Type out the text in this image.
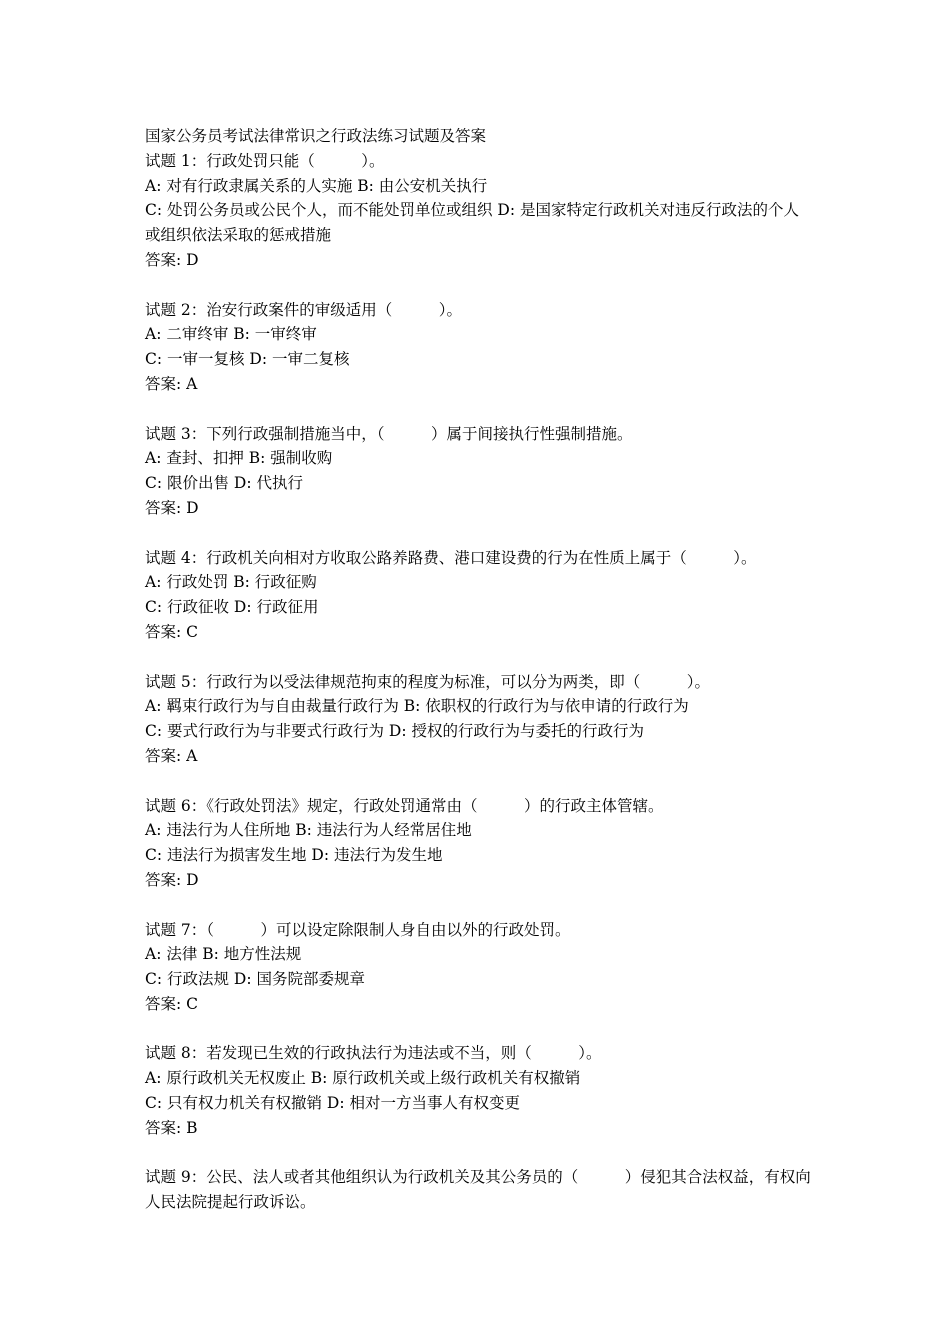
国家公务员考试法律常识之行政法练习试题及答案
试题 1：行政处罚只能（　　　）。
A: 对有行政隶属关系的人实施 B: 由公安机关执行
C: 处罚公务员或公民个人，而不能处罚单位或组织 D: 是国家特定行政机关对违反行政法的个人或组织依法采取的惩戒措施
答案: D
试题 2：治安行政案件的审级适用（　　　）。
A: 二审终审 B: 一审终审
C: 一审一复核 D: 一审二复核
答案: A
试题 3：下列行政强制措施当中，（　　　）属于间接执行性强制措施。
A: 查封、扣押 B: 强制收购
C: 限价出售 D: 代执行
答案: D
试题 4：行政机关向相对方收取公路养路费、港口建设费的行为在性质上属于（　　　）。
A: 行政处罚 B: 行政征购
C: 行政征收 D: 行政征用
答案: C
试题 5：行政行为以受法律规范拘束的程度为标准，可以分为两类，即（　　　）。
A: 羁束行政行为与自由裁量行政行为 B: 依职权的行政行为与依申请的行政行为
C: 要式行政行为与非要式行政行为 D: 授权的行政行为与委托的行政行为
答案: A
试题 6：《行政处罚法》规定，行政处罚通常由（　　　）的行政主体管辖。
A: 违法行为人住所地 B: 违法行为人经常居住地
C: 违法行为损害发生地 D: 违法行为发生地
答案: D
试题 7：（　　　）可以设定除限制人身自由以外的行政处罚。
A: 法律 B: 地方性法规
C: 行政法规 D: 国务院部委规章
答案: C
试题 8：若发现已生效的行政执法行为违法或不当，则（　　　）。
A: 原行政机关无权废止 B: 原行政机关或上级行政机关有权撤销
C: 只有权力机关有权撤销 D: 相对一方当事人有权变更
答案: B
试题 9：公民、法人或者其他组织认为行政机关及其公务员的（　　　）侵犯其合法权益，有权向人民法院提起行政诉讼。
